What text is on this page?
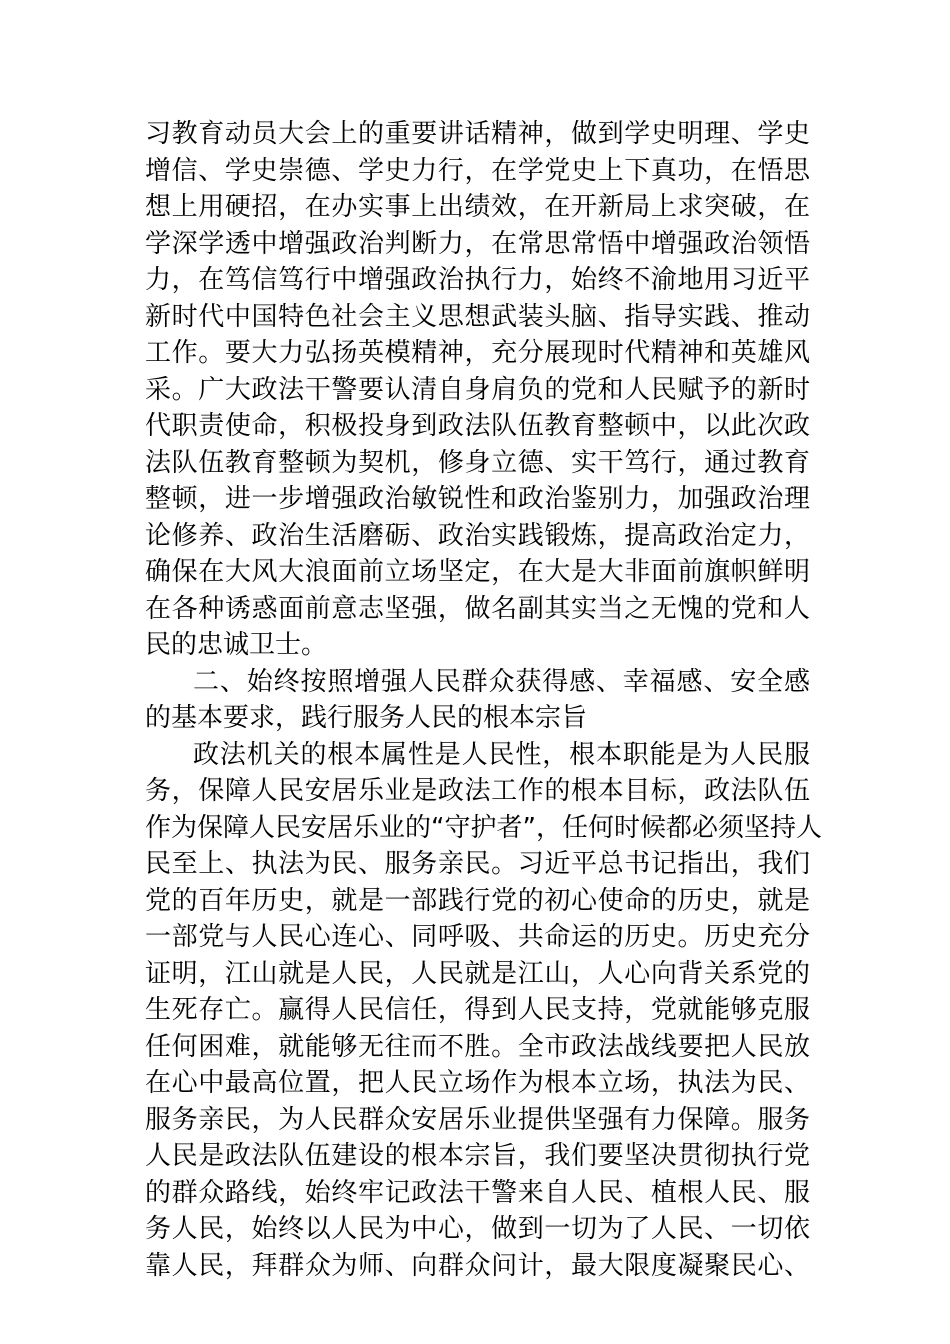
习教育动员大会上的重要讲话精神，做到学史明理、学史
增信、学史崇德、学史力行，在学党史上下真功，在悟思
想上用硬招，在办实事上出绩效，在开新局上求突破，在
学深学透中增强政治判断力，在常思常悟中增强政治领悟
力，在笃信笃行中增强政治执行力，始终不渝地用习近平
新时代中国特色社会主义思想武装头脑、指导实践、推动
工作。要大力弘扬英模精神，充分展现时代精神和英雄风
采。广大政法干警要认清自身肩负的党和人民赋予的新时
代职责使命，积极投身到政法队伍教育整顿中，以此次政
法队伍教育整顿为契机，修身立德、实干笃行，通过教育
整顿，进一步增强政治敏锐性和政治鉴别力，加强政治理
论修养、政治生活磨砺、政治实践锻炼，提高政治定力，
确保在大风大浪面前立场坚定，在大是大非面前旗帜鲜明
在各种诱惑面前意志坚强，做名副其实当之无愧的党和人
民的忠诚卫士。
二、始终按照增强人民群众获得感、幸福感、安全感
的基本要求，践行服务人民的根本宗旨
政法机关的根本属性是人民性，根本职能是为人民服
务，保障人民安居乐业是政法工作的根本目标，政法队伍
作为保障人民安居乐业的“守护者”，任何时候都必须坚持人
民至上、执法为民、服务亲民。习近平总书记指出，我们
党的百年历史，就是一部践行党的初心使命的历史，就是
一部党与人民心连心、同呼吸、共命运的历史。历史充分
证明，江山就是人民，人民就是江山，人心向背关系党的
生死存亡。赢得人民信任，得到人民支持，党就能够克服
任何困难，就能够无往而不胜。全市政法战线要把人民放
在心中最高位置，把人民立场作为根本立场，执法为民、
服务亲民，为人民群众安居乐业提供坚强有力保障。服务
人民是政法队伍建设的根本宗旨，我们要坚决贯彻执行党
的群众路线，始终牢记政法干警来自人民、植根人民、服
务人民，始终以人民为中心，做到一切为了人民、一切依
靠人民，拜群众为师、向群众问计，最大限度凝聚民心、
